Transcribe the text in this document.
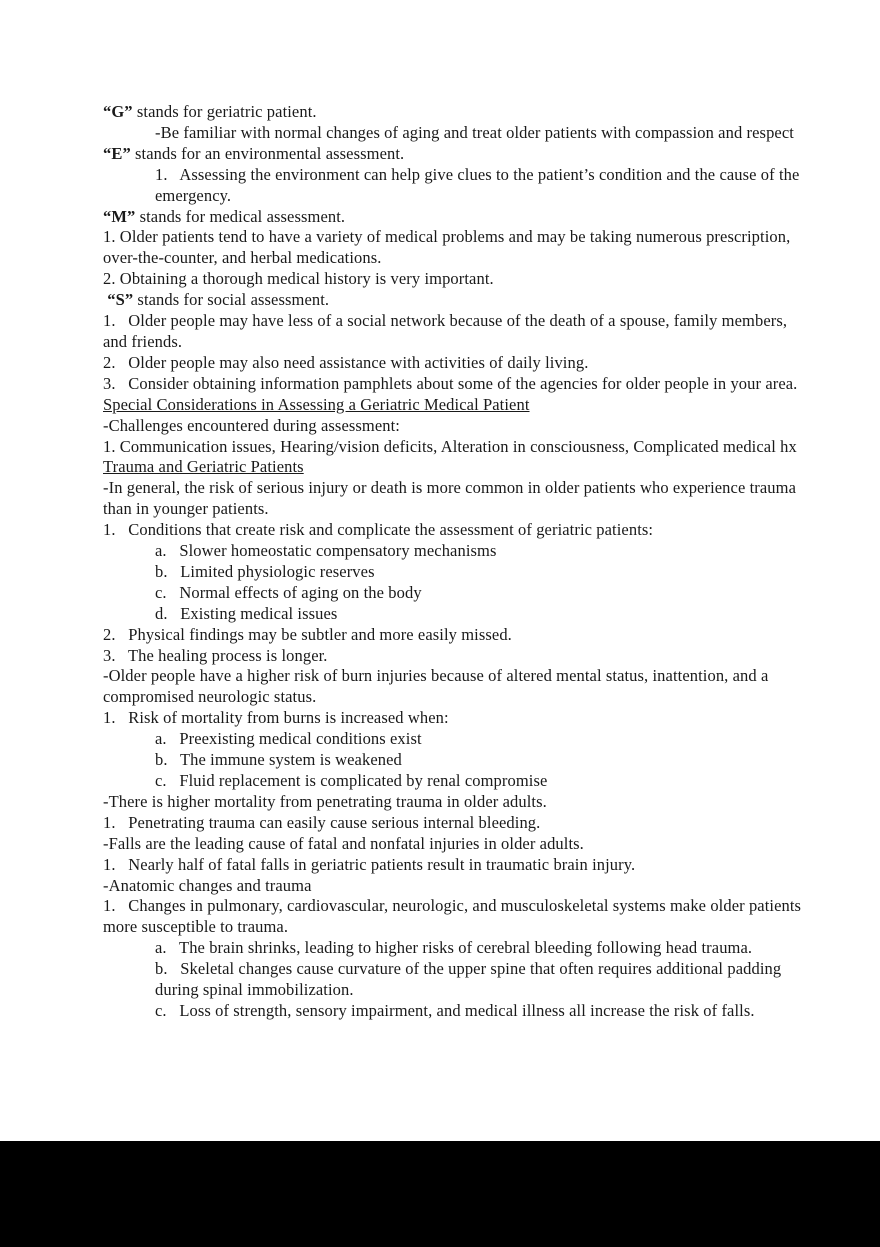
“G” stands for geriatric patient.
-Be familiar with normal changes of aging and treat older patients with compassion and respect
“E” stands for an environmental assessment.
1.   Assessing the environment can help give clues to the patient’s condition and the cause of the
emergency.
“M” stands for medical assessment.
1. Older patients tend to have a variety of medical problems and may be taking numerous prescription,
over-the-counter, and herbal medications.
2. Obtaining a thorough medical history is very important.
“S” stands for social assessment.
1.   Older people may have less of a social network because of the death of a spouse, family members,
and friends.
2.   Older people may also need assistance with activities of daily living.
3.   Consider obtaining information pamphlets about some of the agencies for older people in your area.
Special Considerations in Assessing a Geriatric Medical Patient
-Challenges encountered during assessment:
1. Communication issues, Hearing/vision deficits, Alteration in consciousness, Complicated medical hx
Trauma and Geriatric Patients
-In general, the risk of serious injury or death is more common in older patients who experience trauma
than in younger patients.
1.   Conditions that create risk and complicate the assessment of geriatric patients:
a.   Slower homeostatic compensatory mechanisms
b.   Limited physiologic reserves
c.   Normal effects of aging on the body
d.   Existing medical issues
2.   Physical findings may be subtler and more easily missed.
3.   The healing process is longer.
-Older people have a higher risk of burn injuries because of altered mental status, inattention, and a
compromised neurologic status.
1.   Risk of mortality from burns is increased when:
a.   Preexisting medical conditions exist
b.   The immune system is weakened
c.   Fluid replacement is complicated by renal compromise
-There is higher mortality from penetrating trauma in older adults.
1.   Penetrating trauma can easily cause serious internal bleeding.
-Falls are the leading cause of fatal and nonfatal injuries in older adults.
1.   Nearly half of fatal falls in geriatric patients result in traumatic brain injury.
-Anatomic changes and trauma
1.   Changes in pulmonary, cardiovascular, neurologic, and musculoskeletal systems make older patients
more susceptible to trauma.
a.   The brain shrinks, leading to higher risks of cerebral bleeding following head trauma.
b.   Skeletal changes cause curvature of the upper spine that often requires additional padding
during spinal immobilization.
c.   Loss of strength, sensory impairment, and medical illness all increase the risk of falls.
